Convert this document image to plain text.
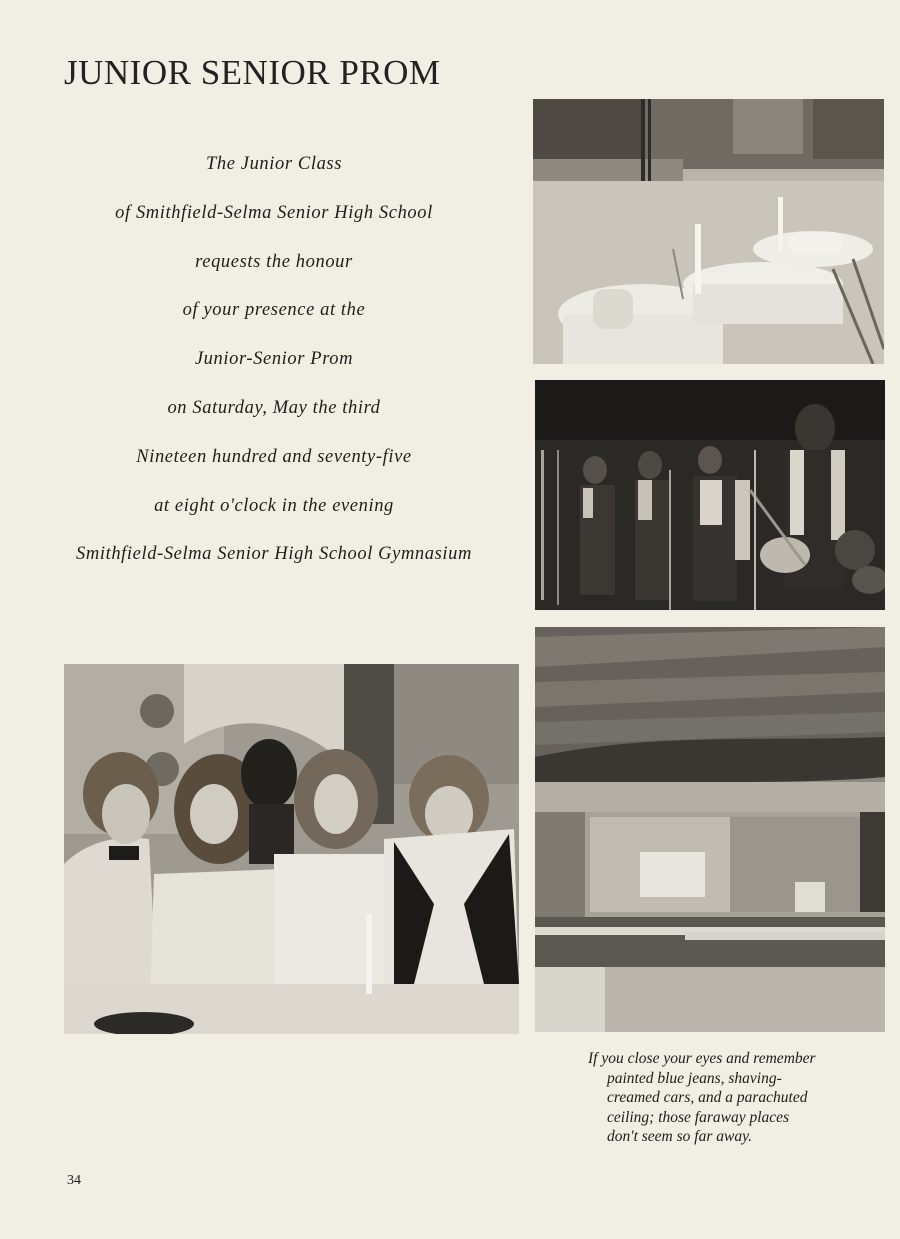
JUNIOR SENIOR PROM
The Junior Class
of Smithfield-Selma Senior High School
requests the honour
of your presence at the
Junior-Senior Prom
on Saturday, May the third
Nineteen hundred and seventy-five
at eight o'clock in the evening
Smithfield-Selma Senior High School Gymnasium
If you close your eyes and remember
painted blue jeans, shaving-
creamed cars, and a parachuted
ceiling; those faraway places
don't seem so far away.
34
